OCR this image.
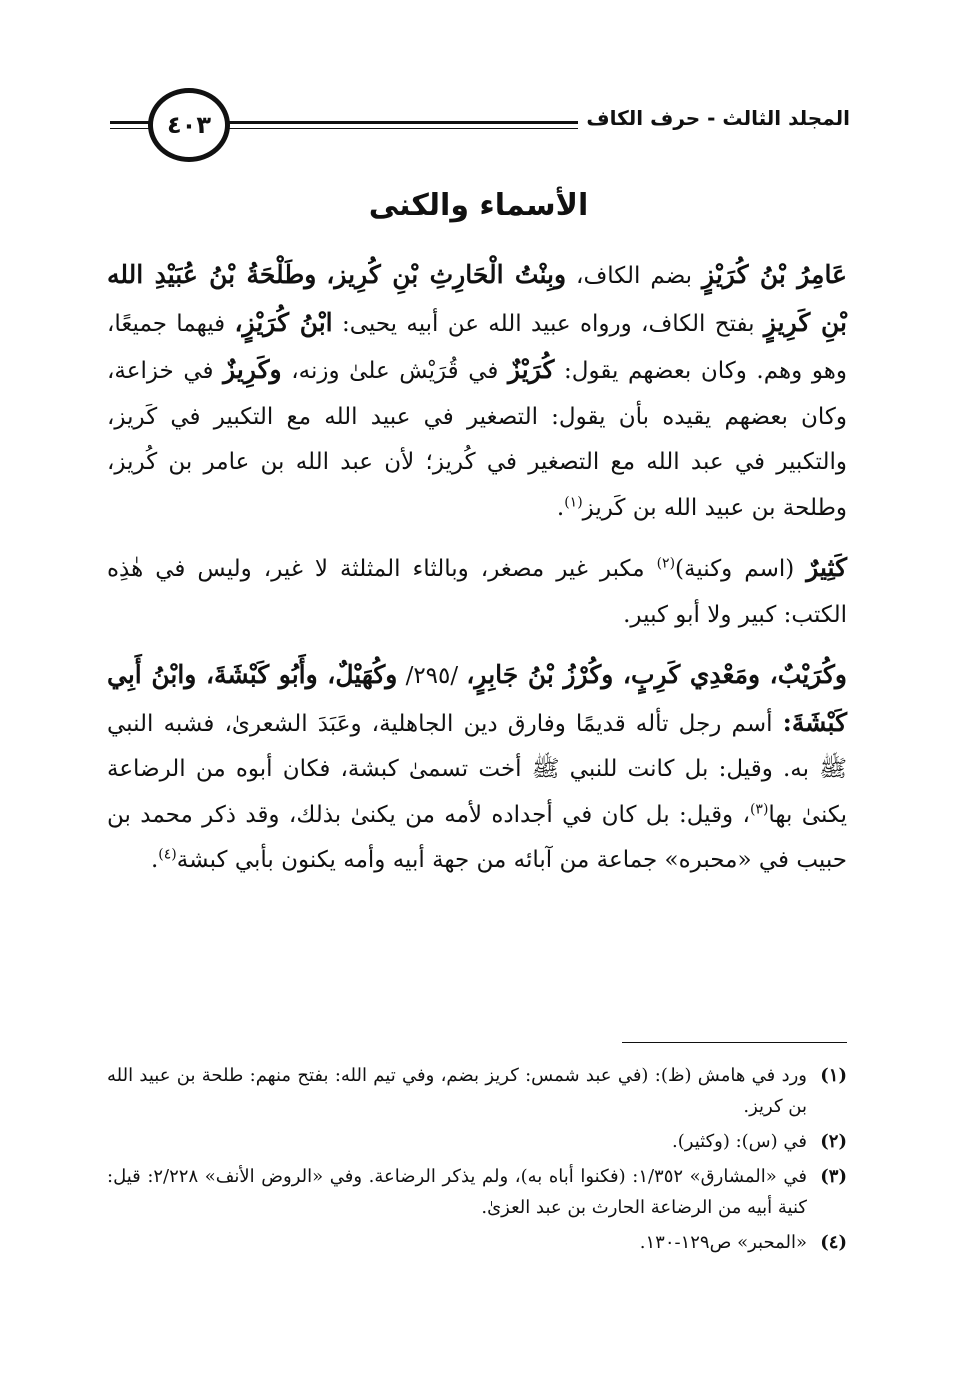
المجلد الثالث - حرف الكاف
٤٠٣
الأسماء والكنى

عَامِرُ بْنُ كُرَيْزٍ بضم الكاف، وبِنْتُ الْحَارِثِ بْنِ كُرِيز، وطَلْحَةُ بْنُ عُبَيْدِ الله بْنِ كَرِيزٍ بفتح الكاف، ورواه عبيد الله عن أبيه يحيى: ابْنُ كُرَيْزٍ، فيهما جميعًا، وهو وهم. وكان بعضهم يقول: كُرَيْزٌ في قُرَيْش علىٰ وزنه، وكَرِيزٌ في خزاعة، وكان بعضهم يقيده بأن يقول: التصغير في عبيد الله مع التكبير في كَريز، والتكبير في عبد الله مع التصغير في كُريز؛ لأن عبد الله بن عامر بن كُريز، وطلحة بن عبيد الله بن كَريز$^{(١)}$.

كَثِيرٌ (اسم وكنية)$^{(٢)}$ مكبر غير مصغر، وبالثاء المثلثة لا غير، وليس في هٰذِه الكتب: كبير ولا أبو كبير.

وكُرَيْبٌ، ومَعْدِي كَرِبٍ، وكُرْزُ بْنُ جَابِرٍ، /٢٩٥/ وكُهَيْلٌ، وأَبُو كَبْشَةَ، وابْنُ أَبِي كَبْشَةَ: أسم رجل تأله قديمًا وفارق دين الجاهلية، وعَبَدَ الشعرىٰ، فشبه النبي ﷺ به. وقيل: بل كانت للنبي ﷺ أخت تسمىٰ كبشة، فكان أبوه من الرضاعة يكنىٰ بها$^{(٣)}$، وقيل: بل كان في أجداده لأمه من يكنىٰ بذلك، وقد ذكر محمد بن حبيب في «محبره» جماعة من آبائه من جهة أبيه وأمه يكنون بأبي كبشة$^{(٤)}$.

(١)
ورد في هامش (ظ): (في عبد شمس: كريز بضم، وفي تيم الله: بفتح منهم: طلحة بن عبيد الله بن كريز.
(٢)
في (س): (وكثير).
(٣)
في «المشارق» ١/٣٥٢: (فكنوا أباه به)، ولم يذكر الرضاعة. وفي «الروض الأنف» ٢/٢٢٨: قيل: كنية أبيه من الرضاعة الحارث بن عبد العزىٰ.
(٤)
«المحبر» ص١٢٩-١٣٠.
